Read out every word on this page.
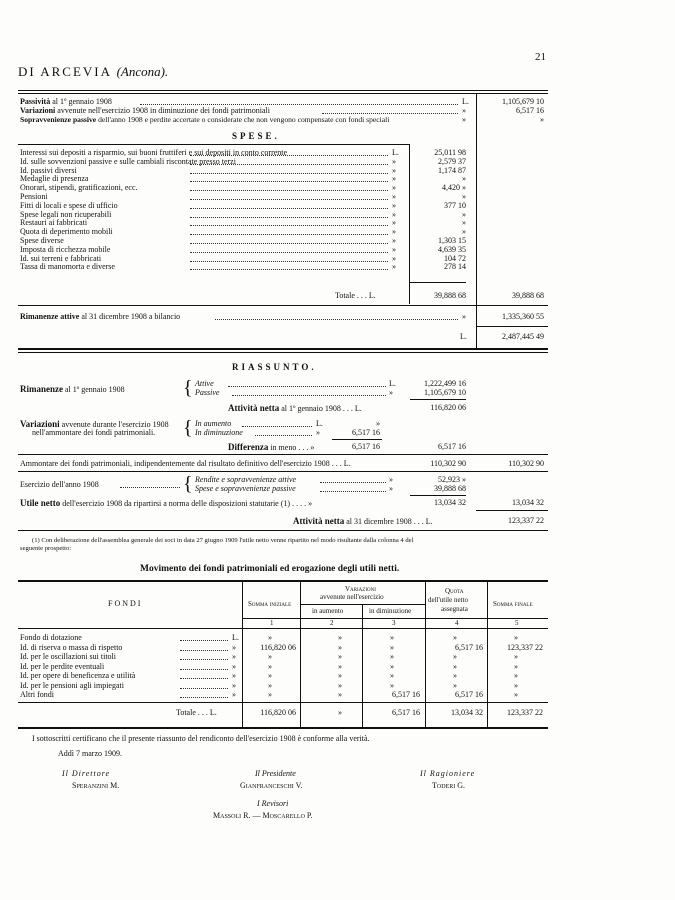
21
DI ARCEVIA (Ancona).
Passività al 1º gennaio 1908	L.	1,105,679 10
Variazioni avvenute nell'esercizio 1908 in diminuzione dei fondi patrimoniali	»	6,517 16
Sopravvenienze passive dell'anno 1908 e perdite accertate o considerate che non vengono compensate con fondi speciali	»	»
SPESE.
Interessi sui depositi a risparmio, sui buoni fruttiferi e sui depositi in conto corrente	L.	25,011 98
Id. sulle sovvenzioni passive e sulle cambiali riscontate presso terzi	»	2,579 37
Id. passivi diversi	»	1,174 87
Medaglie di presenza	»	»
Onorari, stipendi, gratificazioni, ecc.	»	4,420 »
Pensioni	»	»
Fitti di locali e spese di ufficio	»	377 10
Spese legali non ricuperabili	»	»
Restauri ai fabbricati	»	»
Quota di deperimento mobili	»	»
Spese diverse	»	1,303 15
Imposta di ricchezza mobile	»	4,639 35
Id. sui terreni e fabbricati	»	104 72
Tassa di manomorta e diverse	»	278 14
Totale . . . L.	39,888 68	39,888 68
Rimanenze attive al 31 dicembre 1908 a bilancio	»	1,335,360 55
L.	2,487,445 49
RIASSUNTO.
Rimanenze al 1º gennaio 1908	{ Attive	L.	1,222,499 16
Passive	»	1,105,679 10
Attività netta al 1º gennaio 1908 . . . L.	116,820 06
Variazioni avvenute durante l'esercizio 1908
nell'ammontare dei fondi patrimoniali. { In aumento	L.	»
In diminuzione	»	6,517 16
Differenza in meno . . . »	6,517 16	6,517 16
Ammontare dei fondi patrimoniali, indipendentemente dal risultato definitivo dell'esercizio 1908 . . . L.	110,302 90	110,302 90
Esercizio dell'anno 1908	{ Rendite e sopravvenienze attive	»	52,923 »
Spese e sopravvenienze passive	»	39,888 68
Utile netto dell'esercizio 1908 da ripartirsi a norma delle disposizioni statutarie (1) . . . . »	13,034 32	13,034 32
Attività netta al 31 dicembre 1908 . . . L.	123,337 22
(1) Con deliberazione dell'assemblea generale dei soci in data 27 giugno 1909 l'utile netto venne ripartito nel modo risultante dalla colonna 4 del
seguente prospetto:
Movimento dei fondi patrimoniali ed erogazione degli utili netti.
FONDI	Somma iniziale
Variazioni
avvenute nell'esercizio
in aumento	in diminuzione
Quota
dell'utile netto
assegnata
Somma finale
1	2	3	4	5
Fondo di dotazione	L.	»	»	»	»	»
Id. di riserva o massa di rispetto	»	116,820 06	»	»	6,517 16	123,337 22
Id. per le oscillazioni sui titoli	»	»	»	»	»	»
Id. per le perdite eventuali	»	»	»	»	»	»
Id. per opere di beneficenza e utilità	»	»	»	»	»	»
Id. per le pensioni agli impiegati	»	»	»	»	»	»
Altri fondi	»	»	»	6,517 16	6,517 16	»
Totale . . . L.	116,820 06	»	6,517 16	13,034 32	123,337 22
I sottoscritti certificano che il presente riassunto del rendiconto dell'esercizio 1908 è conforme alla verità.
Addì 7 marzo 1909.
Il Direttore
Speranzini M.
Il Presidente
Gianfranceschi V.
Il Ragioniere
Toderi G.
I Revisori
Massoli R. — Moscarello P.
